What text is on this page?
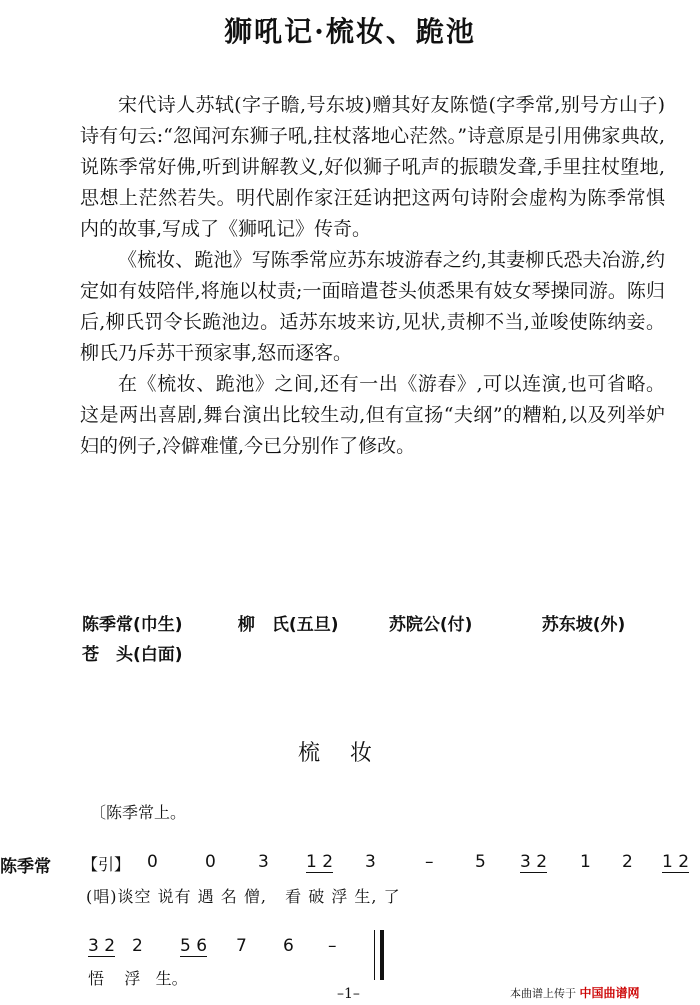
狮吼记·梳妆、跪池

宋代诗人苏轼(字子瞻,号东坡)赠其好友陈慥(字季常,别号方山子)诗有句云:“忽闻河东狮子吼,拄杖落地心茫然。”诗意原是引用佛家典故,说陈季常好佛,听到讲解教义,好似狮子吼声的振聩发聋,手里拄杖堕地,思想上茫然若失。明代剧作家汪廷讷把这两句诗附会虚构为陈季常惧内的故事,写成了《狮吼记》传奇。

《梳妆、跪池》写陈季常应苏东坡游春之约,其妻柳氏恐夫冶游,约定如有妓陪伴,将施以杖责;一面暗遣苍头侦悉果有妓女琴操同游。陈归后,柳氏罚令长跪池边。适苏东坡来访,见状,责柳不当,並唆使陈纳妾。柳氏乃斥苏干预家事,怒而逐客。

在《梳妆、跪池》之间,还有一出《游春》,可以连演,也可省略。这是两出喜剧,舞台演出比较生动,但有宣扬“夫纲”的糟粕,以及列举妒妇的例子,冷僻难懂,今已分别作了修改。

陈季常(巾生)	柳　氏(五旦)	苏院公(付)	苏东坡(外)
苍　头(白面)
梳妆
〔陈季常上。
陈季常 【引】 0	0 3 1 2 3	– 5 3 2 1 2 1 2
(唱)谈空 说有 遇 名 僧,   看 破 浮 生, 了
3 2 2 5 6 7 6 –
悟    浮   生。
–1–	本曲谱上传于 中国曲谱网
